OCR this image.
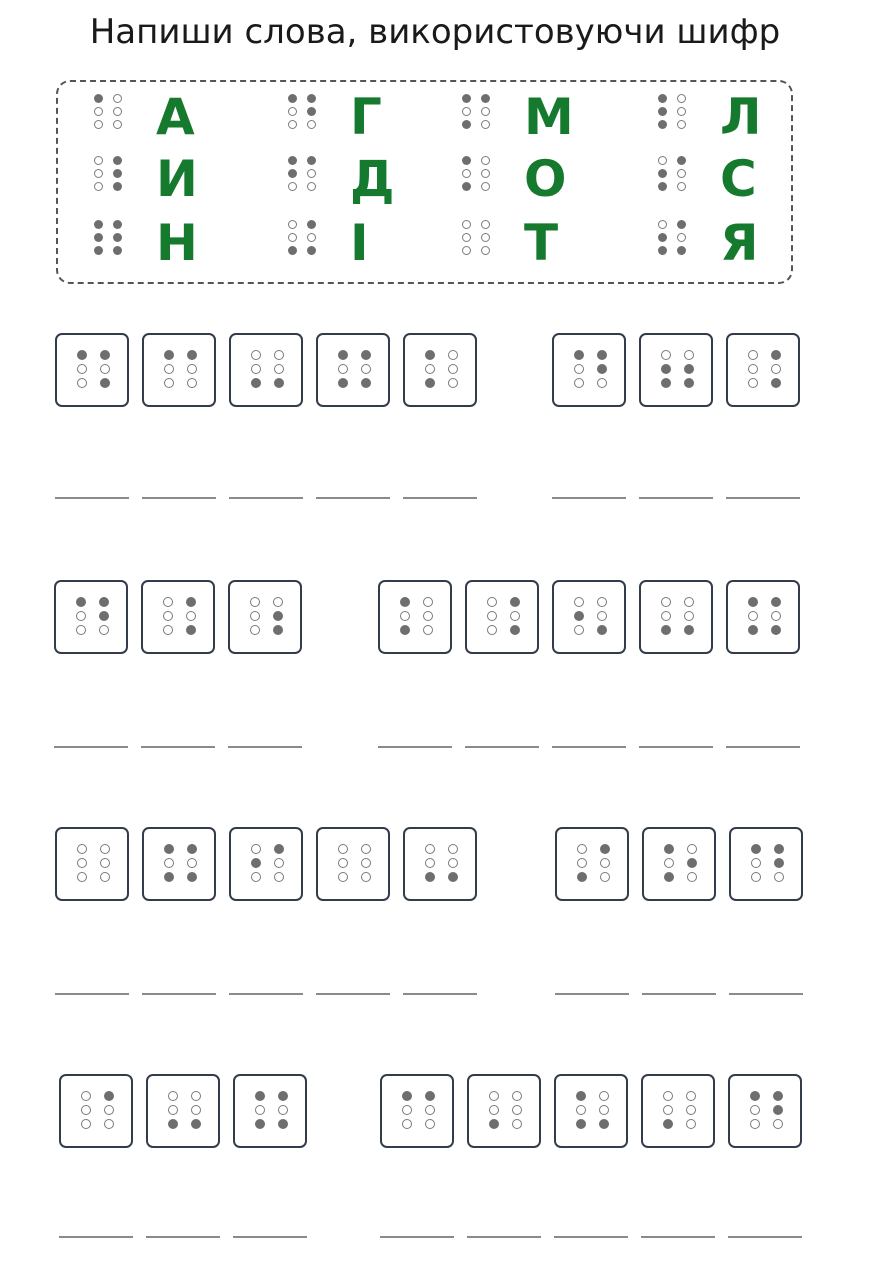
Напиши слова, використовуючи шифр
А	Г	М	Л
И	Д	О	С
Н	І	Т	Я
